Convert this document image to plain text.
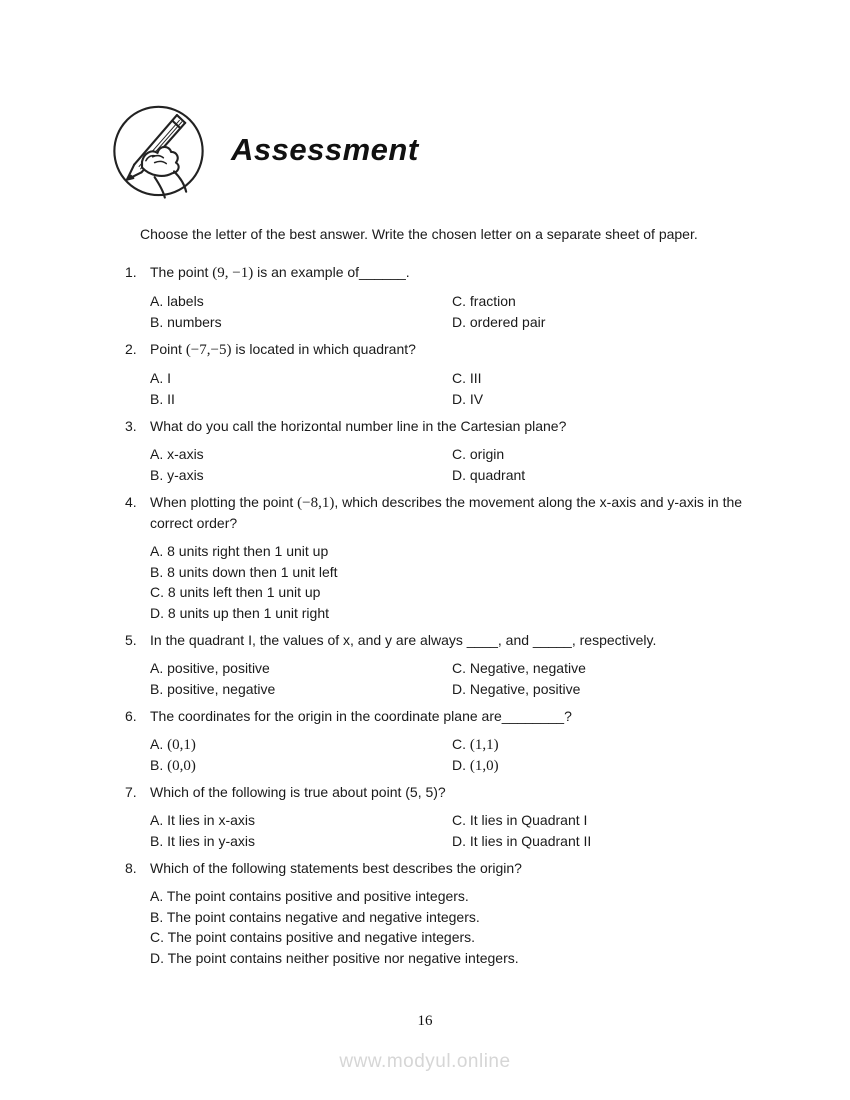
Assessment
Choose the letter of the best answer. Write the chosen letter on a separate sheet of paper.
1. The point (9, −1) is an example of______.

A. labels
B. numbers
C. fraction
D. ordered pair
2. Point (−7,−5) is located in which quadrant?

A. I
B. II
C. III
D. IV
3. What do you call the horizontal number line in the Cartesian plane?

A. x-axis
B. y-axis
C. origin
D. quadrant
4. When plotting the point (−8,1), which describes the movement along the x-axis and y-axis in the correct order?

A. 8 units right then 1 unit up
B. 8 units down then 1 unit left
C. 8 units left then 1 unit up
D. 8 units up then 1 unit right
5. In the quadrant I, the values of x, and y are always ____, and _____, respectively.

A. positive, positive
B. positive, negative
C. Negative, negative
D. Negative, positive
6. The coordinates for the origin in the coordinate plane are________?

A. (0,1)
B. (0,0)
C. (1,1)
D. (1,0)
7. Which of the following is true about point (5, 5)?

A. It lies in x-axis
B. It lies in y-axis
C. It lies in Quadrant I
D. It lies in Quadrant II
8. Which of the following statements best describes the origin?

A. The point contains positive and positive integers.
B. The point contains negative and negative integers.
C. The point contains positive and negative integers.
D. The point contains neither positive nor negative integers.
16
www.modyul.online
